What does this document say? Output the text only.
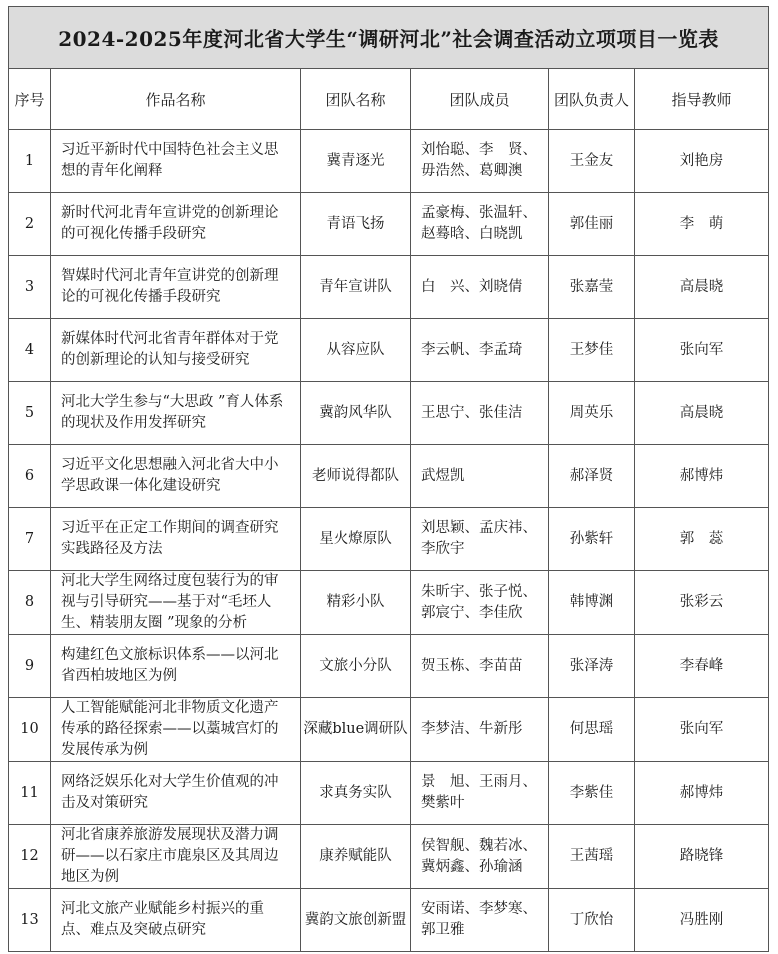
2024-2025年度河北省大学生“调研河北”社会调查活动立项项目一览表					
序号	作品名称	团队名称	团队成员	团队负责人	指导教师
1	习近平新时代中国特色社会主义思想的青年化阐释	冀青逐光	刘怡聪、李　贤、毋浩然、葛卿澳	王金友	刘艳房
2	新时代河北青年宣讲党的创新理论的可视化传播手段研究	青语飞扬	孟豪梅、张温轩、赵蓦晗、白晓凯	郭佳丽	李　萌
3	智媒时代河北青年宣讲党的创新理论的可视化传播手段研究	青年宣讲队	白　兴、刘晓倩	张嘉莹	高晨晓
4	新媒体时代河北省青年群体对于党的创新理论的认知与接受研究	从容应队	李云帆、李孟琦	王梦佳	张向军
5	河北大学生参与“大思政 ”育人体系的现状及作用发挥研究	冀韵风华队	王思宁、张佳洁	周英乐	高晨晓
6	习近平文化思想融入河北省大中小学思政课一体化建设研究	老师说得都队	武煜凯	郝泽贤	郝博炜
7	习近平在正定工作期间的调查研究实践路径及方法	星火燎原队	刘思颖、孟庆祎、李欣宇	孙紫轩	郭　蕊
8	河北大学生网络过度包装行为的审视与引导研究——基于对“毛坯人生、精装朋友圈 ”现象的分析	精彩小队	朱昕宇、张子悦、郭宸宁、李佳欣	韩博渊	张彩云
9	构建红色文旅标识体系——以河北省西柏坡地区为例	文旅小分队	贺玉栋、李苗苗	张泽涛	李春峰
10	人工智能赋能河北非物质文化遗产传承的路径探索——以藁城宫灯的发展传承为例	深藏blue调研队	李梦洁、牛新彤	何思瑶	张向军
11	网络泛娱乐化对大学生价值观的冲击及对策研究	求真务实队	景　旭、王雨月、樊紫叶	李紫佳	郝博炜
12	河北省康养旅游发展现状及潜力调研——以石家庄市鹿泉区及其周边地区为例	康养赋能队	侯智舰、魏若冰、冀炳鑫、孙瑜涵	王茜瑶	路晓锋
13	河北文旅产业赋能乡村振兴的重点、难点及突破点研究	冀韵文旅创新盟	安雨诺、李梦寒、郭卫雅	丁欣怡	冯胜刚
